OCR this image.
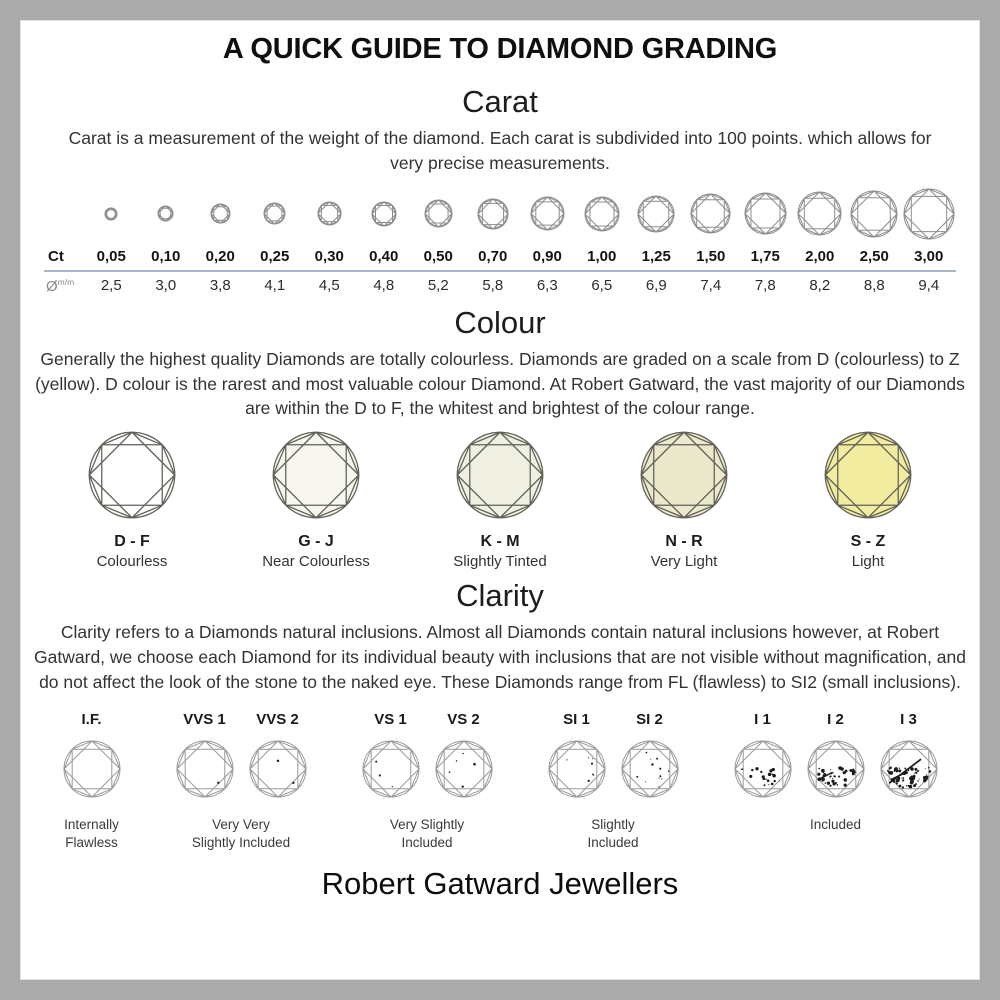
A QUICK GUIDE TO DIAMOND GRADING
Carat

Carat is a measurement of the weight of the diamond. Each carat is subdivided into 100 points. which allows for very precise measurements.

Ct	0,05	0,10	0,20	0,25	0,30	0,40	0,50	0,70	0,90	1,00	1,25	1,50	1,75	2,00	2,50	3,00
$Ø^{m/m}$	2,5	3,0	3,8	4,1	4,5	4,8	5,2	5,8	6,3	6,5	6,9	7,4	7,8	8,2	8,8	9,4
Colour

Generally the highest quality Diamonds are totally colourless. Diamonds are graded on a scale from D (colourless) to Z (yellow). D colour is the rarest and most valuable colour Diamond. At Robert Gatward, the vast majority of our Diamonds are within the D to F, the whitest and brightest of the colour range.

D - F
Colourless
G - J
Near Colourless
K - M
Slightly Tinted
N - R
Very Light
S - Z
Light
Clarity

Clarity refers to a Diamonds natural inclusions. Almost all Diamonds contain natural inclusions however, at Robert Gatward, we choose each Diamond for its individual beauty with inclusions that are not visible without magnification, and do not affect the look of the stone to the naked eye. These Diamonds range from FL (flawless) to SI2 (small inclusions).

I.F.
Internally
Flawless
VVS 1	VVS 2
Very Very
Slightly Included
VS 1	VS 2
Very Slightly
Included
SI 1	SI 2
Slightly
Included
I 1	I 2	I 3
Included
Robert Gatward Jewellers
